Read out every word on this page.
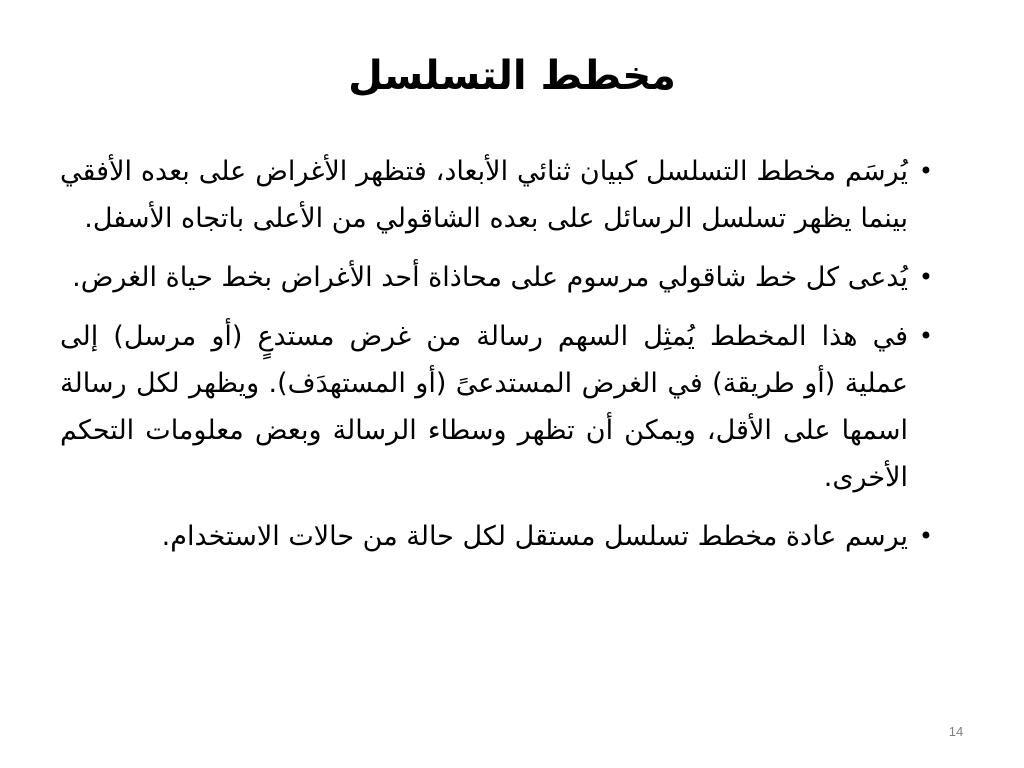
مخطط التسلسل
•
يُرسَم مخطط التسلسل كبيان ثنائي الأبعاد، فتظهر الأغراض على بعده الأفقي بينما يظهر تسلسل الرسائل على بعده الشاقولي من الأعلى باتجاه الأسفل.
•
يُدعى كل خط شاقولي مرسوم على محاذاة أحد الأغراض بخط حياة الغرض.
•
في هذا المخطط يُمثِل السهم رسالة من غرض مستدعٍ (أو مرسل) إلى عملية (أو طريقة) في الغرض المستدعىً (أو المستهدَف). ويظهر لكل رسالة اسمها على الأقل، ويمكن أن تظهر وسطاء الرسالة وبعض معلومات التحكم الأخرى.
•
يرسم عادة مخطط تسلسل مستقل لكل حالة من حالات الاستخدام.
14
